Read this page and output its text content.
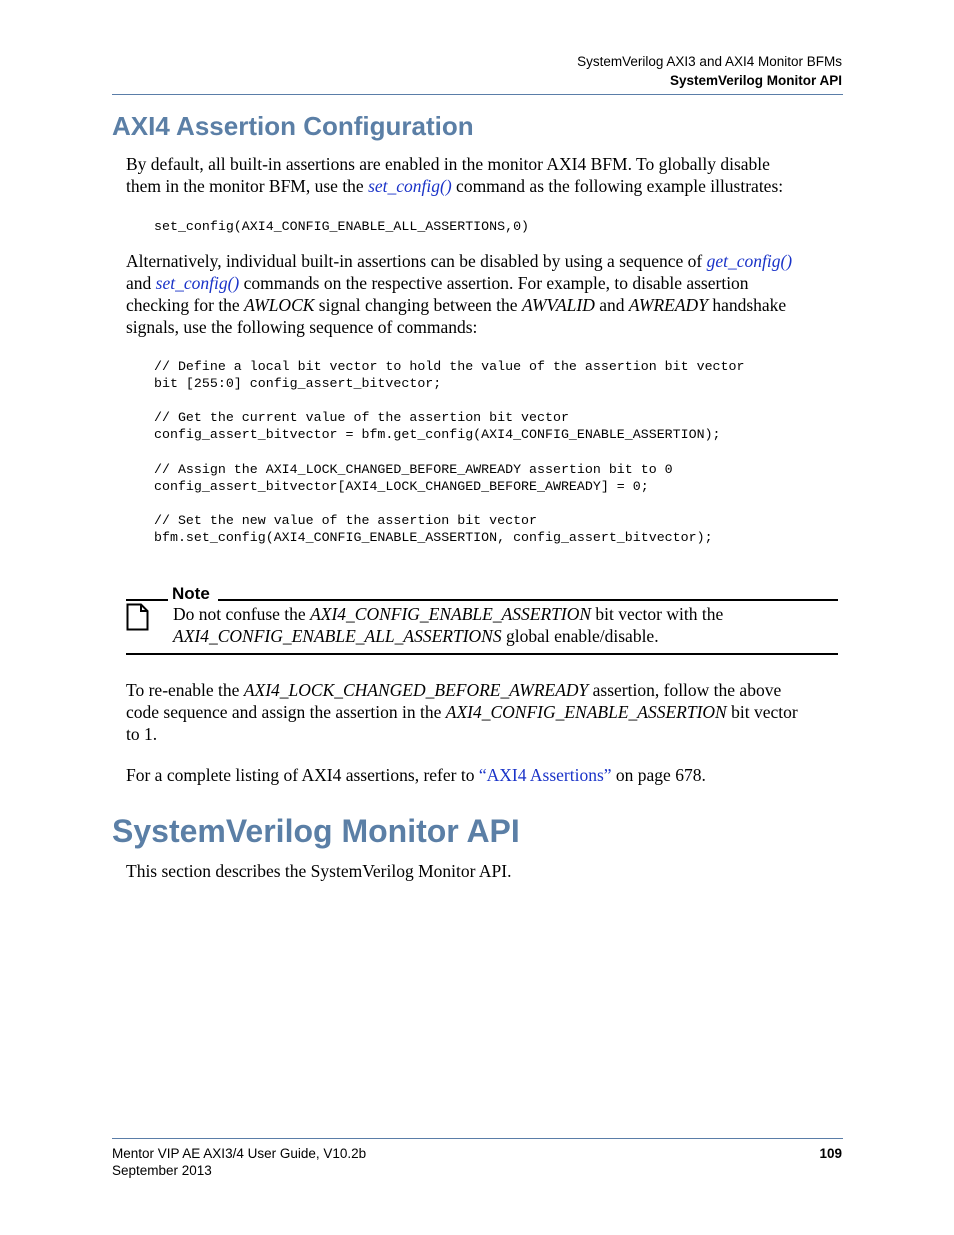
SystemVerilog AXI3 and AXI4 Monitor BFMs
SystemVerilog Monitor API
AXI4 Assertion Configuration
By default, all built-in assertions are enabled in the monitor AXI4 BFM. To globally disable
them in the monitor BFM, use the set_config() command as the following example illustrates:
set_config(AXI4_CONFIG_ENABLE_ALL_ASSERTIONS,0)
Alternatively, individual built-in assertions can be disabled by using a sequence of get_config()
and set_config() commands on the respective assertion. For example, to disable assertion
checking for the AWLOCK signal changing between the AWVALID and AWREADY handshake
signals, use the following sequence of commands:
// Define a local bit vector to hold the value of the assertion bit vector
bit [255:0] config_assert_bitvector;

// Get the current value of the assertion bit vector
config_assert_bitvector = bfm.get_config(AXI4_CONFIG_ENABLE_ASSERTION);

// Assign the AXI4_LOCK_CHANGED_BEFORE_AWREADY assertion bit to 0
config_assert_bitvector[AXI4_LOCK_CHANGED_BEFORE_AWREADY] = 0;

// Set the new value of the assertion bit vector
bfm.set_config(AXI4_CONFIG_ENABLE_ASSERTION, config_assert_bitvector);
Note
Do not confuse the AXI4_CONFIG_ENABLE_ASSERTION bit vector with the
AXI4_CONFIG_ENABLE_ALL_ASSERTIONS global enable/disable.
To re-enable the AXI4_LOCK_CHANGED_BEFORE_AWREADY assertion, follow the above
code sequence and assign the assertion in the AXI4_CONFIG_ENABLE_ASSERTION bit vector
to 1.
For a complete listing of AXI4 assertions, refer to “AXI4 Assertions” on page 678.
SystemVerilog Monitor API
This section describes the SystemVerilog Monitor API.
Mentor VIP AE AXI3/4 User Guide, V10.2b
September 2013
109
